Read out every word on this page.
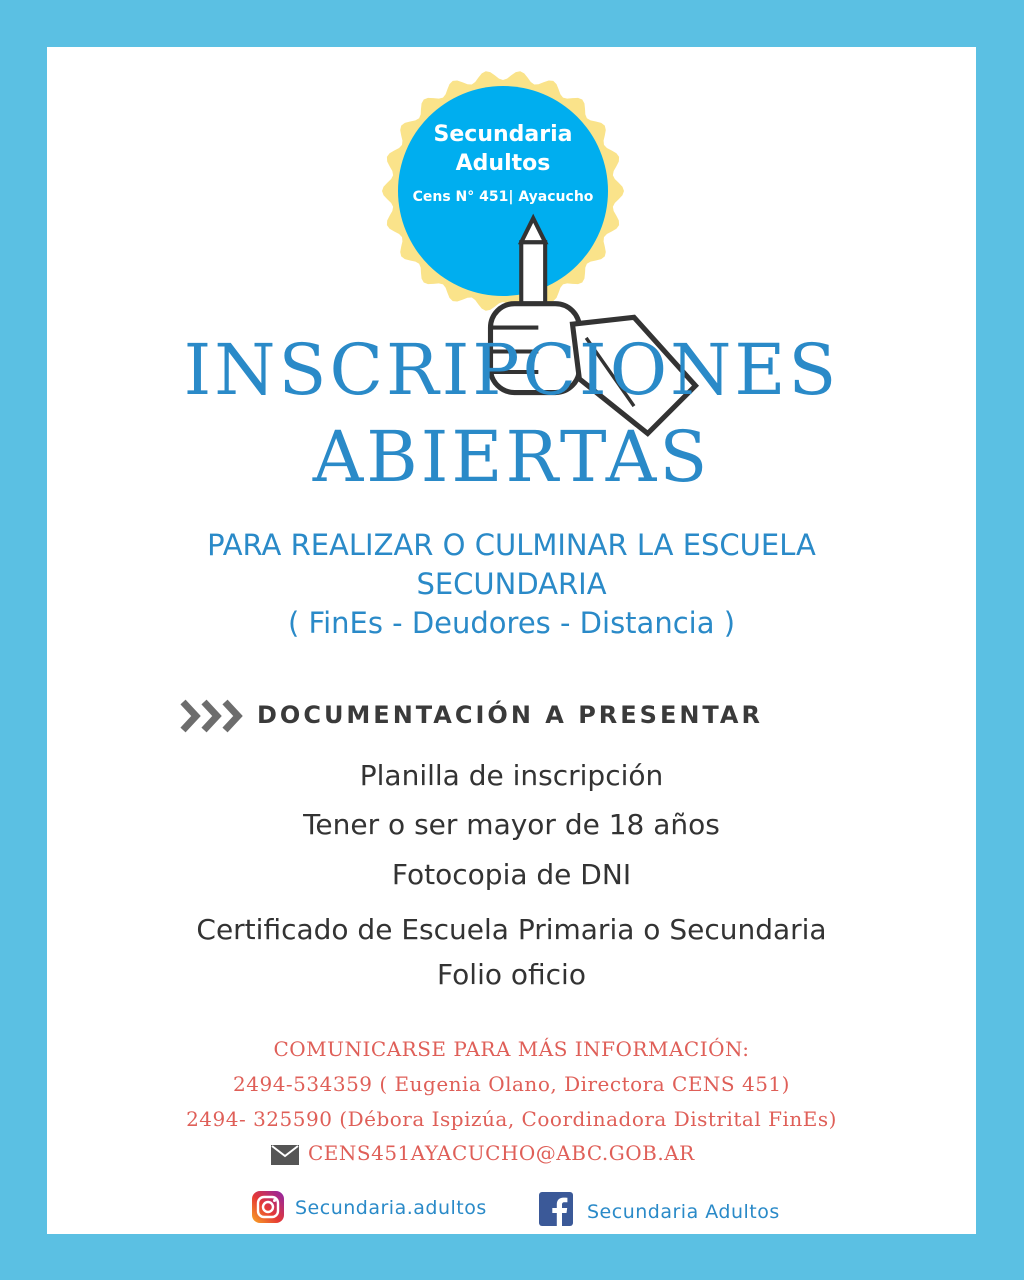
Secundaria
Adultos
Cens N° 451| Ayacucho
INSCRIPCIONES
ABIERTAS
PARA REALIZAR O CULMINAR LA ESCUELA
SECUNDARIA
( FinEs - Deudores - Distancia )
DOCUMENTACIÓN A PRESENTAR
Planilla de inscripción
Tener o ser mayor de 18 años
Fotocopia de DNI
Certificado de Escuela Primaria o Secundaria
Folio oficio
COMUNICARSE PARA MÁS INFORMACIÓN:
2494-534359 ( Eugenia Olano, Directora CENS 451)
2494- 325590 (Débora Ispizúa, Coordinadora Distrital FinEs)
CENS451AYACUCHO@ABC.GOB.AR
Secundaria.adultos	Secundaria Adultos
